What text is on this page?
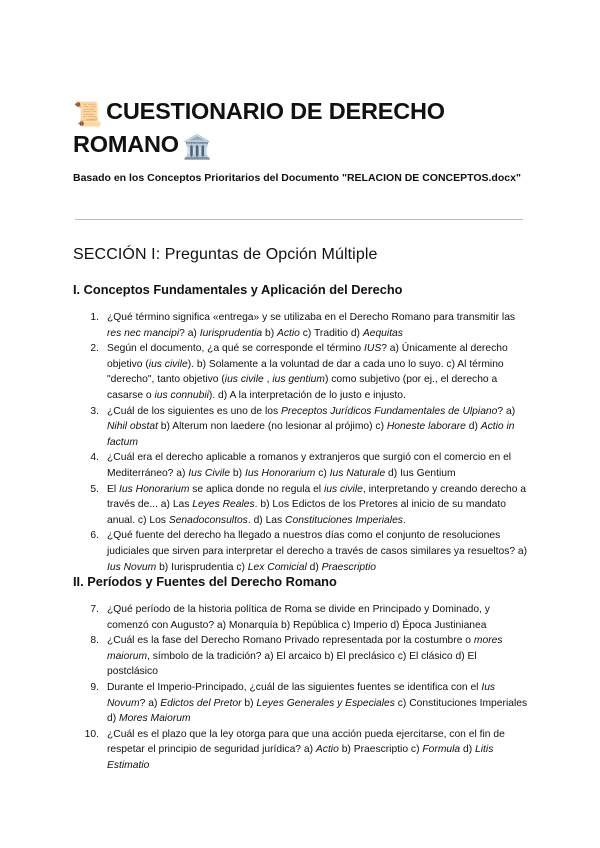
📜 CUESTIONARIO DE DERECHO
ROMANO 🏛️

Basado en los Conceptos Prioritarios del Documento "RELACION DE CONCEPTOS.docx"

SECCIÓN I: Preguntas de Opción Múltiple
I. Conceptos Fundamentales y Aplicación del Derecho
1. ¿Qué término significa «entrega» y se utilizaba en el Derecho Romano para transmitir las res nec mancipi? a) Iurisprudentia b) Actio c) Traditio d) Aequitas
2. Según el documento, ¿a qué se corresponde el término IUS? a) Únicamente al derecho objetivo (ius civile). b) Solamente a la voluntad de dar a cada uno lo suyo. c) Al término "derecho", tanto objetivo (ius civile , ius gentium) como subjetivo (por ej., el derecho a casarse o ius connubii). d) A la interpretación de lo justo e injusto.
3. ¿Cuál de los siguientes es uno de los Preceptos Jurídicos Fundamentales de Ulpiano? a) Nihil obstat b) Alterum non laedere (no lesionar al prójimo) c) Honeste laborare d) Actio in factum
4. ¿Cuál era el derecho aplicable a romanos y extranjeros que surgió con el comercio en el Mediterráneo? a) Ius Civile b) Ius Honorarium c) Ius Naturale d) Ius Gentium
5. El Ius Honorarium se aplica donde no regula el ius civile, interpretando y creando derecho a través de... a) Las Leyes Reales. b) Los Edictos de los Pretores al inicio de su mandato anual. c) Los Senadoconsultos. d) Las Constituciones Imperiales.
6. ¿Qué fuente del derecho ha llegado a nuestros días como el conjunto de resoluciones judiciales que sirven para interpretar el derecho a través de casos similares ya resueltos? a) Ius Novum b) Iurisprudentia c) Lex Comicial d) Praescriptio
II. Períodos y Fuentes del Derecho Romano
7. ¿Qué período de la historia política de Roma se divide en Principado y Dominado, y comenzó con Augusto? a) Monarquía b) República c) Imperio d) Época Justinianea
8. ¿Cuál es la fase del Derecho Romano Privado representada por la costumbre o mores maiorum, símbolo de la tradición? a) El arcaico b) El preclásico c) El clásico d) El postclásico
9. Durante el Imperio-Principado, ¿cuál de las siguientes fuentes se identifica con el Ius Novum? a) Edictos del Pretor b) Leyes Generales y Especiales c) Constituciones Imperiales d) Mores Maiorum
10. ¿Cuál es el plazo que la ley otorga para que una acción pueda ejercitarse, con el fin de respetar el principio de seguridad jurídica? a) Actio b) Praescriptio c) Formula d) Litis Estimatio
